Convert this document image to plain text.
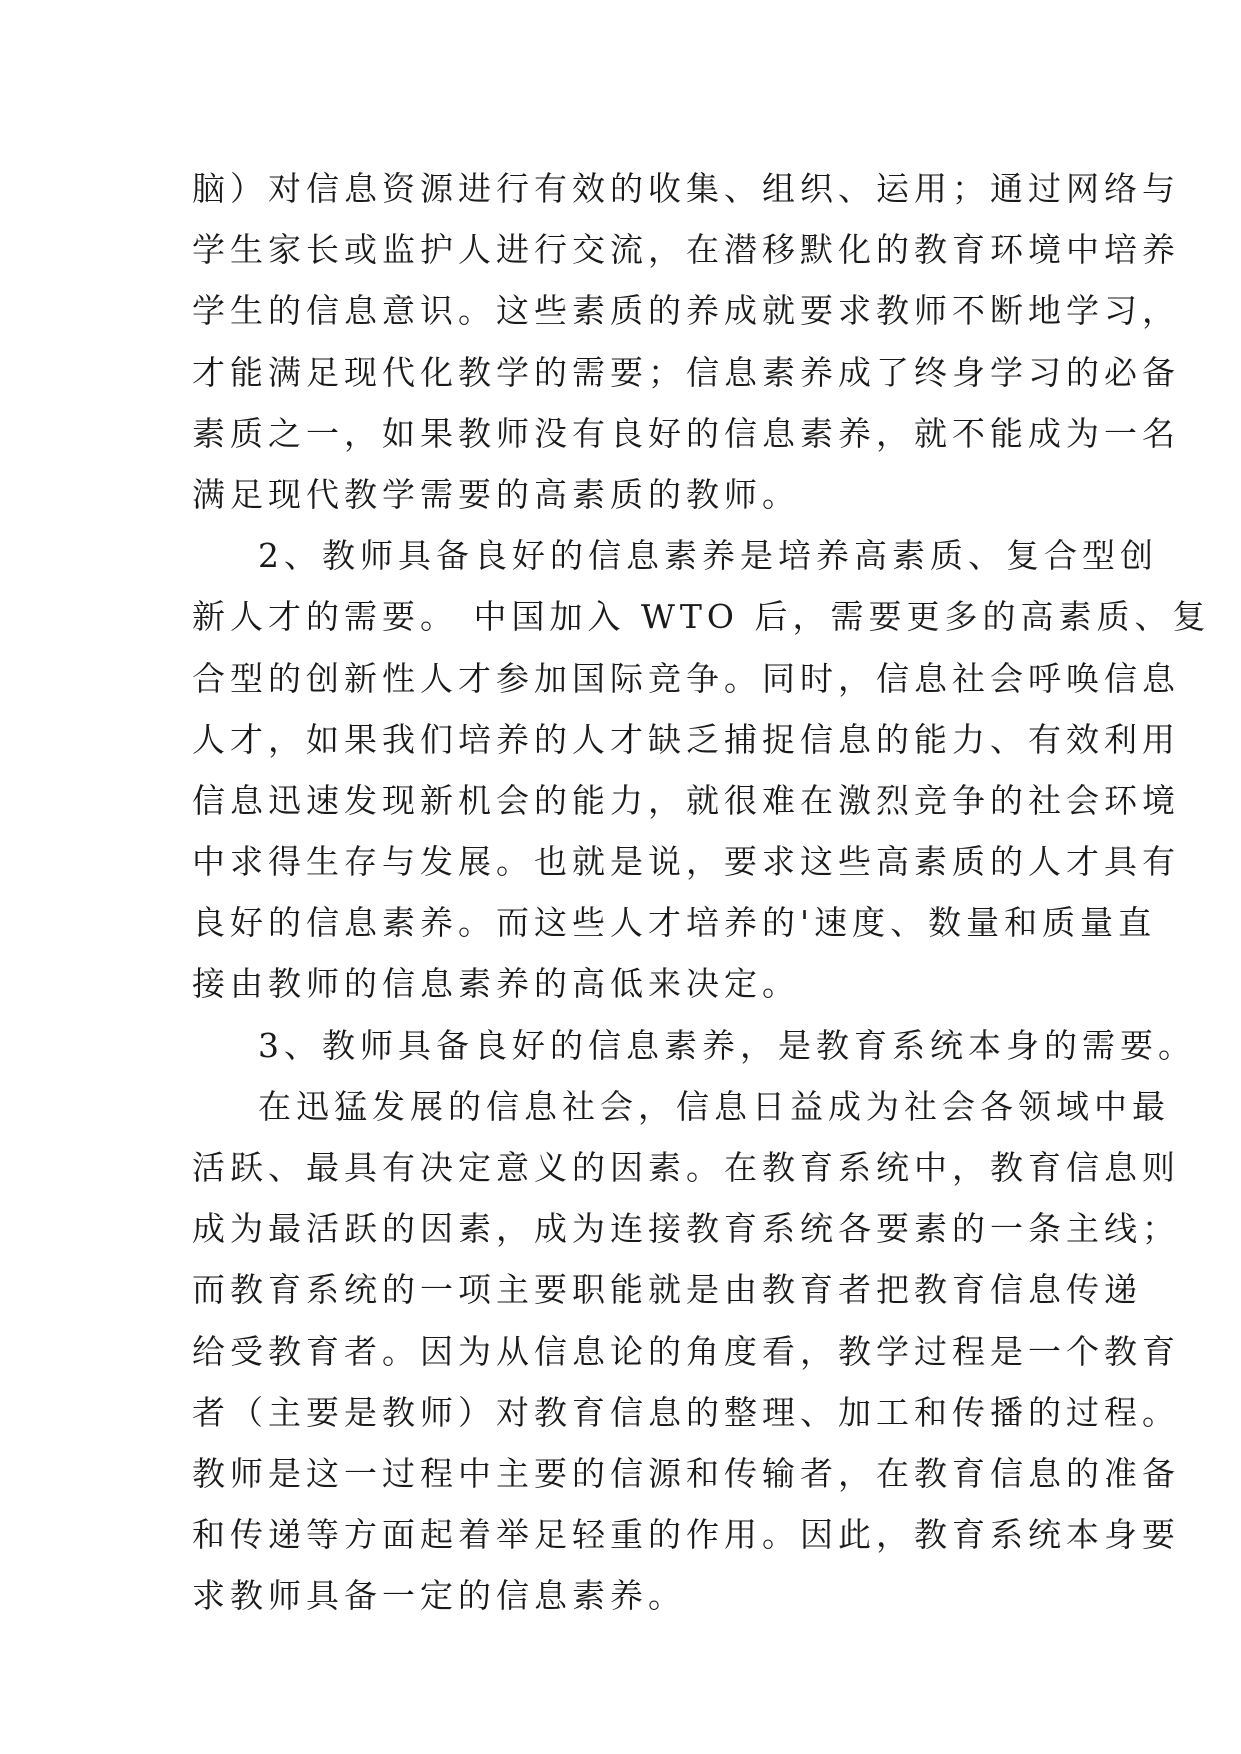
脑）对信息资源进行有效的收集、组织、运用；通过网络与
学生家长或监护人进行交流，在潜移默化的教育环境中培养
学生的信息意识。这些素质的养成就要求教师不断地学习，
才能满足现代化教学的需要；信息素养成了终身学习的必备
素质之一，如果教师没有良好的信息素养，就不能成为一名
满足现代教学需要的高素质的教师。
2、教师具备良好的信息素养是培养高素质、复合型创
新人才的需要。 中国加入 WTO 后，需要更多的高素质、复
合型的创新性人才参加国际竞争。同时，信息社会呼唤信息
人才，如果我们培养的人才缺乏捕捉信息的能力、有效利用
信息迅速发现新机会的能力，就很难在激烈竞争的社会环境
中求得生存与发展。也就是说，要求这些高素质的人才具有
良好的信息素养。而这些人才培养的'速度、数量和质量直
接由教师的信息素养的高低来决定。
3、教师具备良好的信息素养，是教育系统本身的需要。
在迅猛发展的信息社会，信息日益成为社会各领域中最
活跃、最具有决定意义的因素。在教育系统中，教育信息则
成为最活跃的因素，成为连接教育系统各要素的一条主线；
而教育系统的一项主要职能就是由教育者把教育信息传递
给受教育者。因为从信息论的角度看，教学过程是一个教育
者（主要是教师）对教育信息的整理、加工和传播的过程。
教师是这一过程中主要的信源和传输者，在教育信息的准备
和传递等方面起着举足轻重的作用。因此，教育系统本身要
求教师具备一定的信息素养。
